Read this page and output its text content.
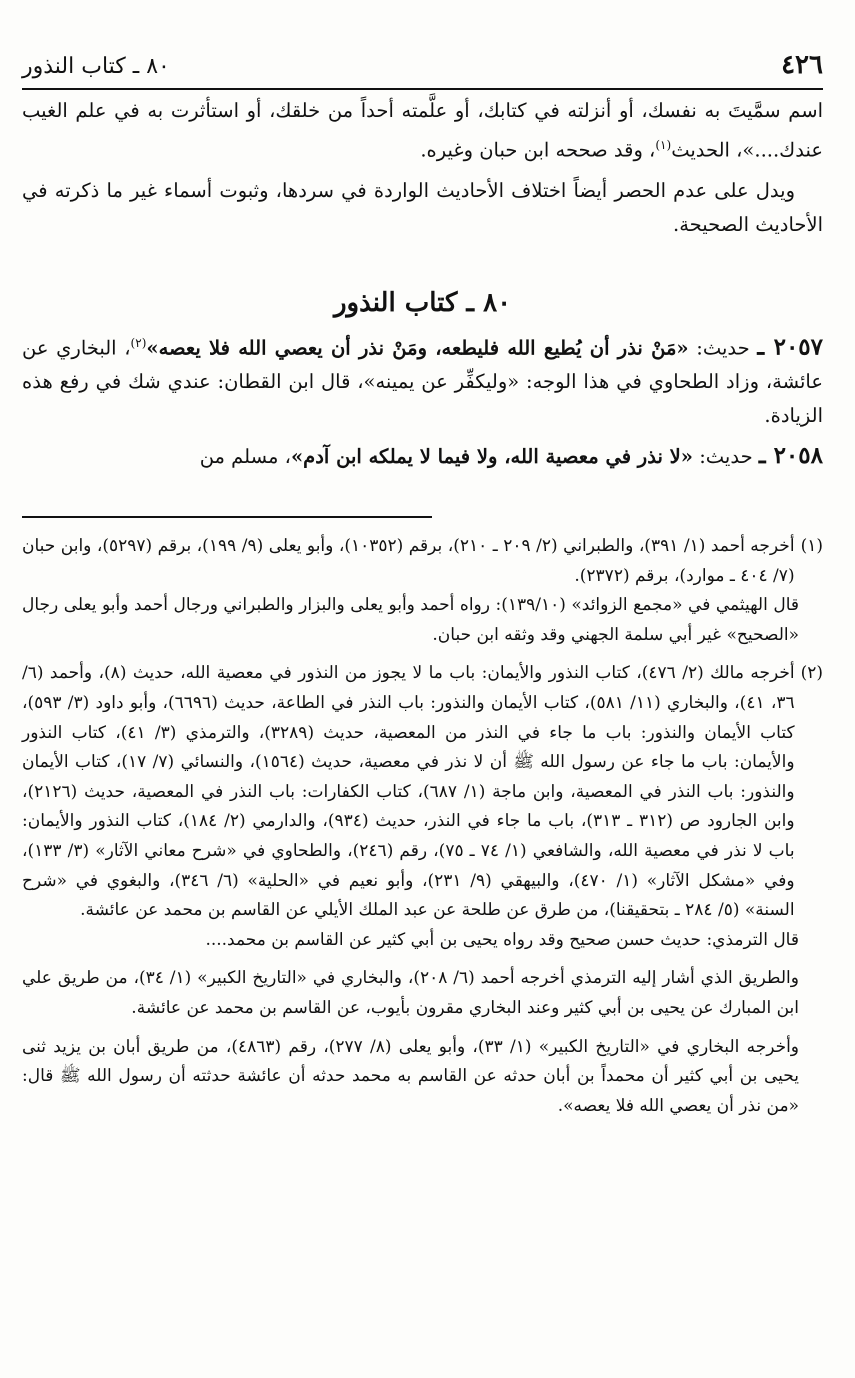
٤٢٦
٨٠ ـ كتاب النذور

اسم سمَّيتَ به نفسك، أو أنزلته في كتابك، أو علَّمته أحداً من خلقك، أو استأثرت به في علم الغيب عندك....»، الحديث$^{(١)}$، وقد صححه ابن حبان وغيره.

ويدل على عدم الحصر أيضاً اختلاف الأحاديث الواردة في سردها، وثبوت أسماء غير ما ذكرته في الأحاديث الصحيحة.

٨٠ ـ كتاب النذور

٢٠٥٧ ـ حديث: «مَنْ نذر أن يُطيع الله فليطعه، ومَنْ نذر أن يعصي الله فلا يعصه»$^{(٢)}$، البخاري عن عائشة، وزاد الطحاوي في هذا الوجه: «وليكفِّر عن يمينه»، قال ابن القطان: عندي شك في رفع هذه الزيادة.

٢٠٥٨ ـ حديث: «لا نذر في معصية الله، ولا فيما لا يملكه ابن آدم»، مسلم من

(١)
أخرجه أحمد (١/ ٣٩١)، والطبراني (٢/ ٢٠٩ ـ ٢١٠)، برقم (١٠٣٥٢)، وأبو يعلى (٩/ ١٩٩)، برقم (٥٢٩٧)، وابن حبان (٧/ ٤٠٤ ـ موارد)، برقم (٢٣٧٢).

قال الهيثمي في «مجمع الزوائد» (١٣٩/١٠): رواه أحمد وأبو يعلى والبزار والطبراني ورجال أحمد وأبو يعلى رجال «الصحيح» غير أبي سلمة الجهني وقد وثقه ابن حبان.

(٢)
أخرجه مالك (٢/ ٤٧٦)، كتاب النذور والأيمان: باب ما لا يجوز من النذور في معصية الله، حديث (٨)، وأحمد (٦/ ٣٦، ٤١)، والبخاري (١١/ ٥٨١)، كتاب الأيمان والنذور: باب النذر في الطاعة، حديث (٦٦٩٦)، وأبو داود (٣/ ٥٩٣)، كتاب الأيمان والنذور: باب ما جاء في النذر من المعصية، حديث (٣٢٨٩)، والترمذي (٣/ ٤١)، كتاب النذور والأيمان: باب ما جاء عن رسول الله ﷺ أن لا نذر في معصية، حديث (١٥٦٤)، والنسائي (٧/ ١٧)، كتاب الأيمان والنذور: باب النذر في المعصية، وابن ماجة (١/ ٦٨٧)، كتاب الكفارات: باب النذر في المعصية، حديث (٢١٢٦)، وابن الجارود ص (٣١٢ ـ ٣١٣)، باب ما جاء في النذر، حديث (٩٣٤)، والدارمي (٢/ ١٨٤)، كتاب النذور والأيمان: باب لا نذر في معصية الله، والشافعي (١/ ٧٤ ـ ٧٥)، رقم (٢٤٦)، والطحاوي في «شرح معاني الآثار» (٣/ ١٣٣)، وفي «مشكل الآثار» (١/ ٤٧٠)، والبيهقي (٩/ ٢٣١)، وأبو نعيم في «الحلية» (٦/ ٣٤٦)، والبغوي في «شرح السنة» (٥/ ٢٨٤ ـ بتحقيقنا)، من طرق عن طلحة عن عبد الملك الأيلي عن القاسم بن محمد عن عائشة.

قال الترمذي: حديث حسن صحيح وقد رواه يحيى بن أبي كثير عن القاسم بن محمد....

والطريق الذي أشار إليه الترمذي أخرجه أحمد (٦/ ٢٠٨)، والبخاري في «التاريخ الكبير» (١/ ٣٤)، من طريق علي ابن المبارك عن يحيى بن أبي كثير وعند البخاري مقرون بأيوب، عن القاسم بن محمد عن عائشة.

وأخرجه البخاري في «التاريخ الكبير» (١/ ٣٣)، وأبو يعلى (٨/ ٢٧٧)، رقم (٤٨٦٣)، من طريق أبان بن يزيد ثنى يحيى بن أبي كثير أن محمداً بن أبان حدثه عن القاسم به محمد حدثه أن عائشة حدثته أن رسول الله ﷺ قال: «من نذر أن يعصي الله فلا يعصه».
